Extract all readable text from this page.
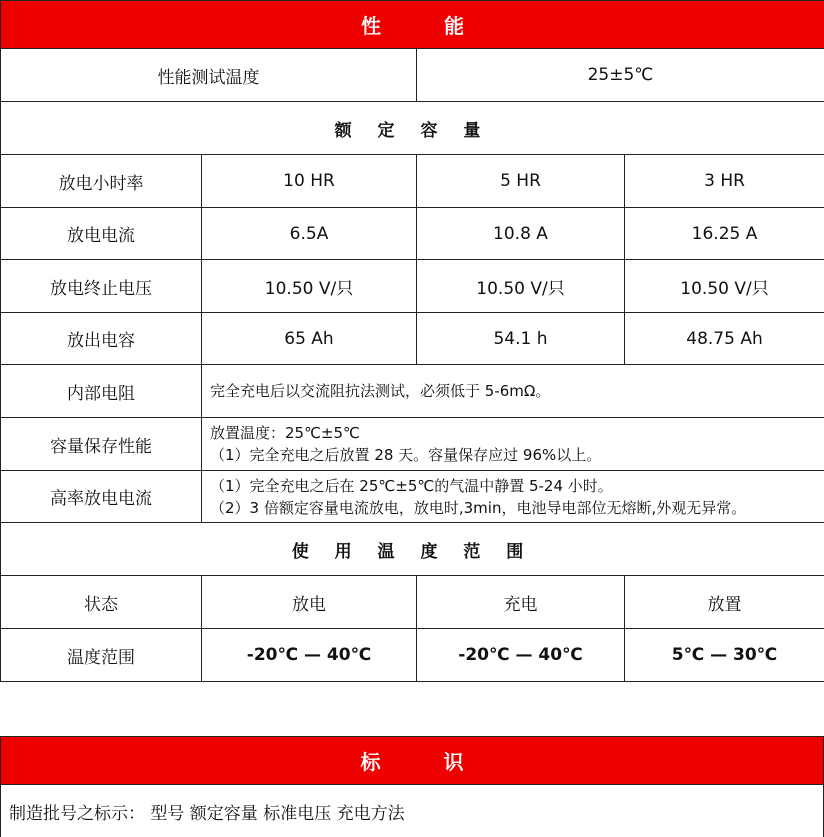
性 能			
性能测试温度		25±5℃	
额 定 容 量			
放电小时率	10 HR	5 HR	3 HR
放电电流	6.5A	10.8 A	16.25 A
放电终止电压	10.50 V/只	10.50 V/只	10.50 V/只
放出电容	65 Ah	54.1 h	48.75 Ah
内部电阻	完全充电后以交流阻抗法测试，必须低于 5-6mΩ。		
容量保存性能	放置温度：25℃±5℃
（1）完全充电之后放置 28 天。容量保存应过 96%以上。		

高率放电电流	（1）完全充电之后在 25℃±5℃的气温中静置 5-24 小时。
（2）3 倍额定容量电流放电，放电时,3min，电池导电部位无熔断,外观无异常。		

使 用 温 度 范 围			
状态	放电	充电	放置
温度范围	-20℃ — 40℃	-20℃ — 40℃	5℃ — 30℃
标 识
制造批号之标示： 型号 额定容量 标准电压 充电方法
